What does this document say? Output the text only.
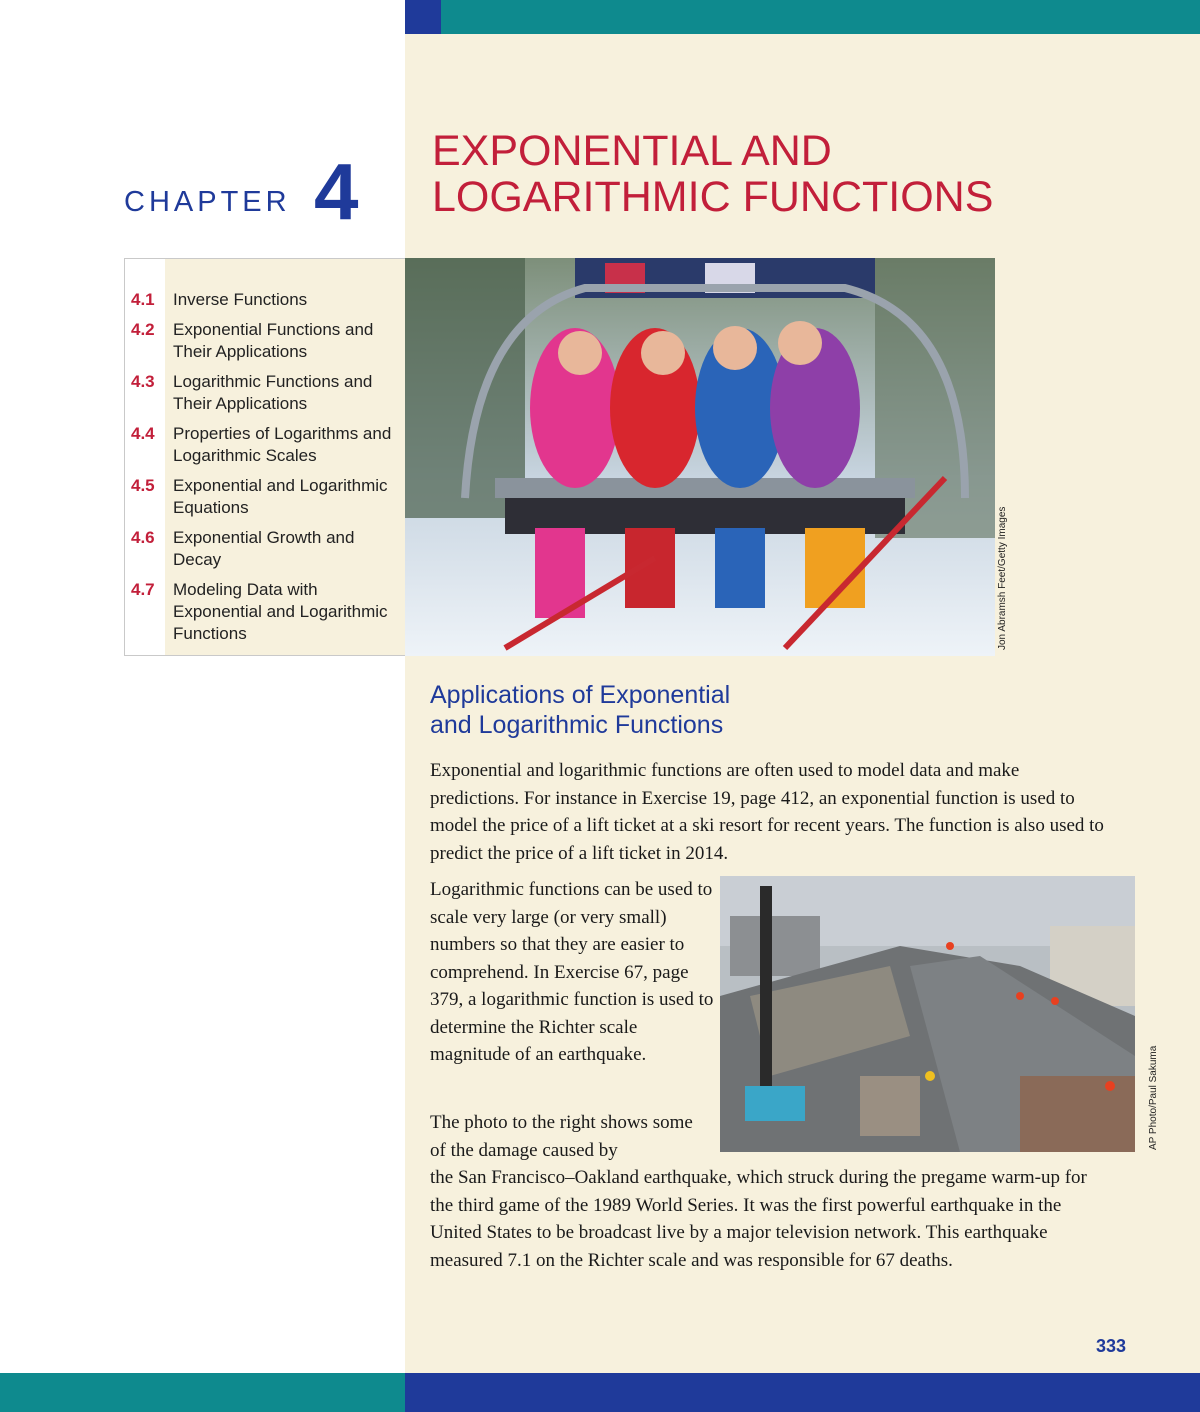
CHAPTER 4 EXPONENTIAL AND
LOGARITHMIC FUNCTIONS
4.1	Inverse Functions
4.2	Exponential Functions and Their Applications
4.3	Logarithmic Functions and Their Applications
4.4	Properties of Logarithms and Logarithmic Scales
4.5	Exponential and Logarithmic Equations
4.6	Exponential Growth and Decay
4.7	Modeling Data with Exponential and Logarithmic Functions	Jon Abramsh Feet/Getty Images
Applications of Exponential
and Logarithmic Functions

Exponential and logarithmic functions are often used to model data and make predictions. For instance in Exercise 19, page 412, an exponential function is used to model the price of a lift ticket at a ski resort for recent years. The function is also used to predict the price of a lift ticket in 2014.

Logarithmic functions can be used to scale very large (or very small) numbers so that they are easier to comprehend. In Exercise 67, page 379, a logarithmic function is used to determine the Richter scale magnitude of an earthquake.	AP Photo/Paul Sakuma

The photo to the right shows some of the damage caused by

the San Francisco–Oakland earthquake, which struck during the pregame warm-up for the third game of the 1989 World Series. It was the first powerful earthquake in the United States to be broadcast live by a major television network. This earthquake measured 7.1 on the Richter scale and was responsible for 67 deaths.

333
